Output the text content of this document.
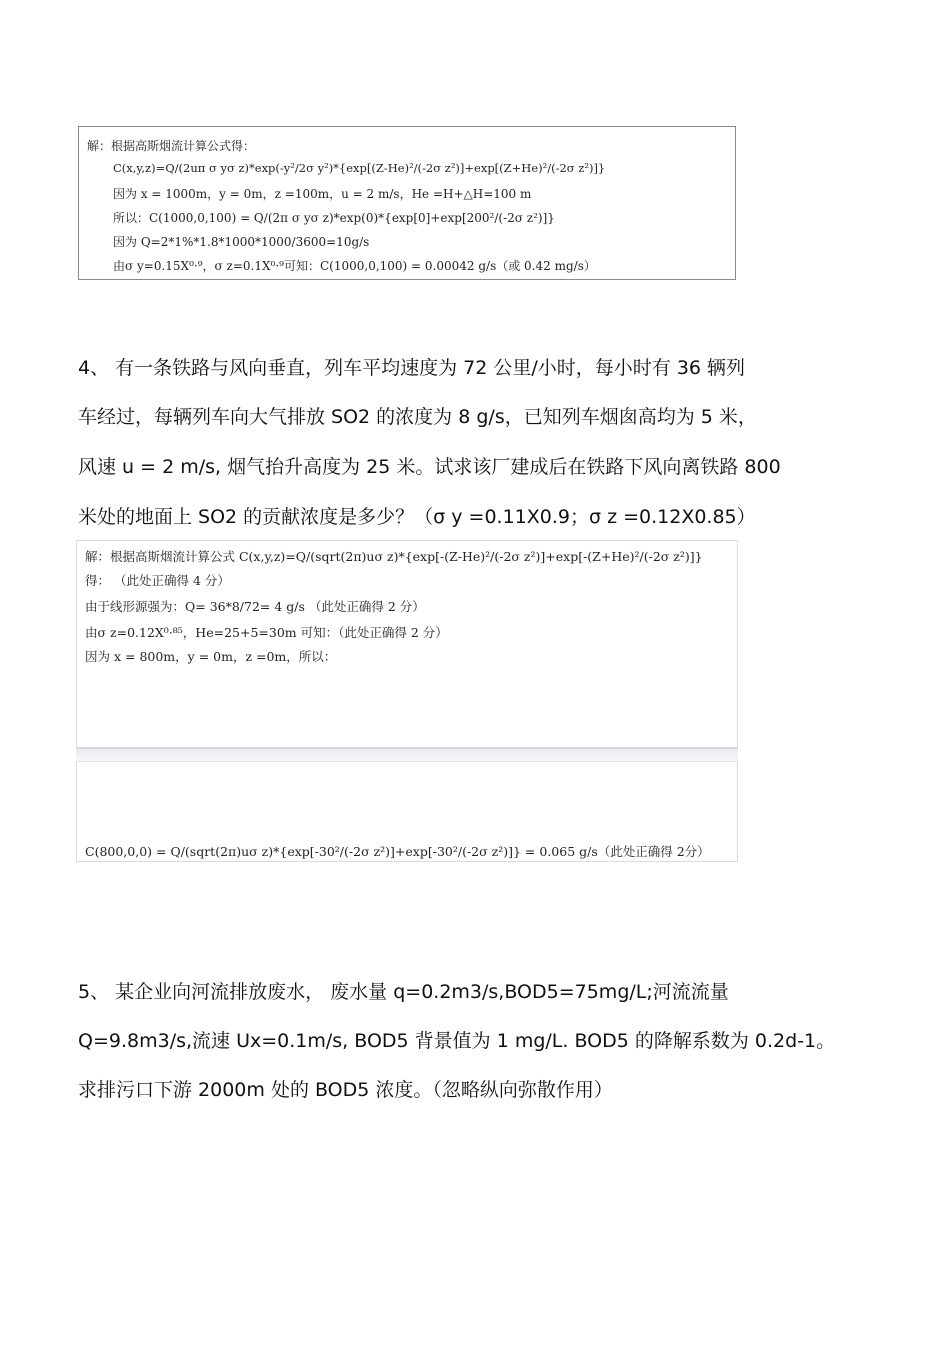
解：根据高斯烟流计算公式得：
C(x,y,z)=Q/(2uπ σ yσ z)*exp(-y²/2σ y²)*{exp[(Z-He)²/(-2σ z²)]+exp[(Z+He)²/(-2σ z²)]}
因为 x = 1000m，y = 0m，z =100m，u = 2 m/s，He =H+△H=100 m
所以：C(1000,0,100) = Q/(2π σ yσ z)*exp(0)*{exp[0]+exp[200²/(-2σ z²)]}
因为 Q=2*1%*1.8*1000*1000/3600=10g/s
由σ y=0.15X⁰·⁹，σ z=0.1X⁰·⁹可知：C(1000,0,100) = 0.00042 g/s（或 0.42 mg/s）
4、 有一条铁路与风向垂直，列车平均速度为 72 公里/小时，每小时有 36 辆列
车经过，每辆列车向大气排放 SO2 的浓度为 8 g/s，已知列车烟囱高均为 5 米，
风速 u = 2 m/s, 烟气抬升高度为 25 米。试求该厂建成后在铁路下风向离铁路 800
米处的地面上 SO2 的贡献浓度是多少？（σ y =0.11X0.9；σ z =0.12X0.85）
解：根据高斯烟流计算公式 C(x,y,z)=Q/(sqrt(2π)uσ z)*{exp[-(Z-He)²/(-2σ z²)]+exp[-(Z+He)²/(-2σ z²)]}
得： （此处正确得 4 分）
由于线形源强为：Q= 36*8/72= 4 g/s （此处正确得 2 分）
由σ z=0.12X⁰·⁸⁵，He=25+5=30m 可知：（此处正确得 2 分）
因为 x = 800m，y = 0m，z =0m，所以：
C(800,0,0) = Q/(sqrt(2π)uσ z)*{exp[-30²/(-2σ z²)]+exp[-30²/(-2σ z²)]} = 0.065 g/s（此处正确得 2分）
5、 某企业向河流排放废水， 废水量 q=0.2m3/s,BOD5=75mg/L;河流流量
Q=9.8m3/s,流速 Ux=0.1m/s, BOD5 背景值为 1 mg/L. BOD5 的降解系数为 0.2d-1。
求排污口下游 2000m 处的 BOD5 浓度。（忽略纵向弥散作用）
